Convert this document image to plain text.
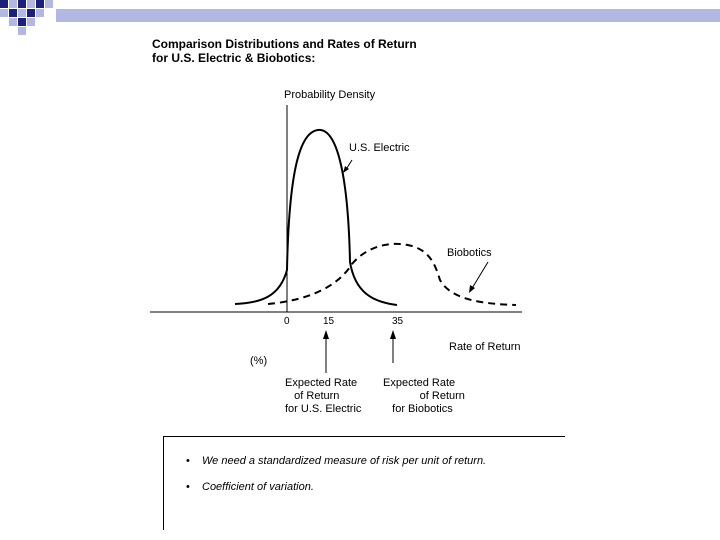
Comparison Distributions and Rates of Return
for U.S. Electric & Biobotics:
Probability Density
U.S. Electric
Biobotics
0	15	35
Rate of Return
(%)
Expected Rate
of Return
for U.S. Electric
Expected Rate
of Return
for Biobotics
• We need a standardized measure of risk per unit of return.
• Coefficient of variation.
